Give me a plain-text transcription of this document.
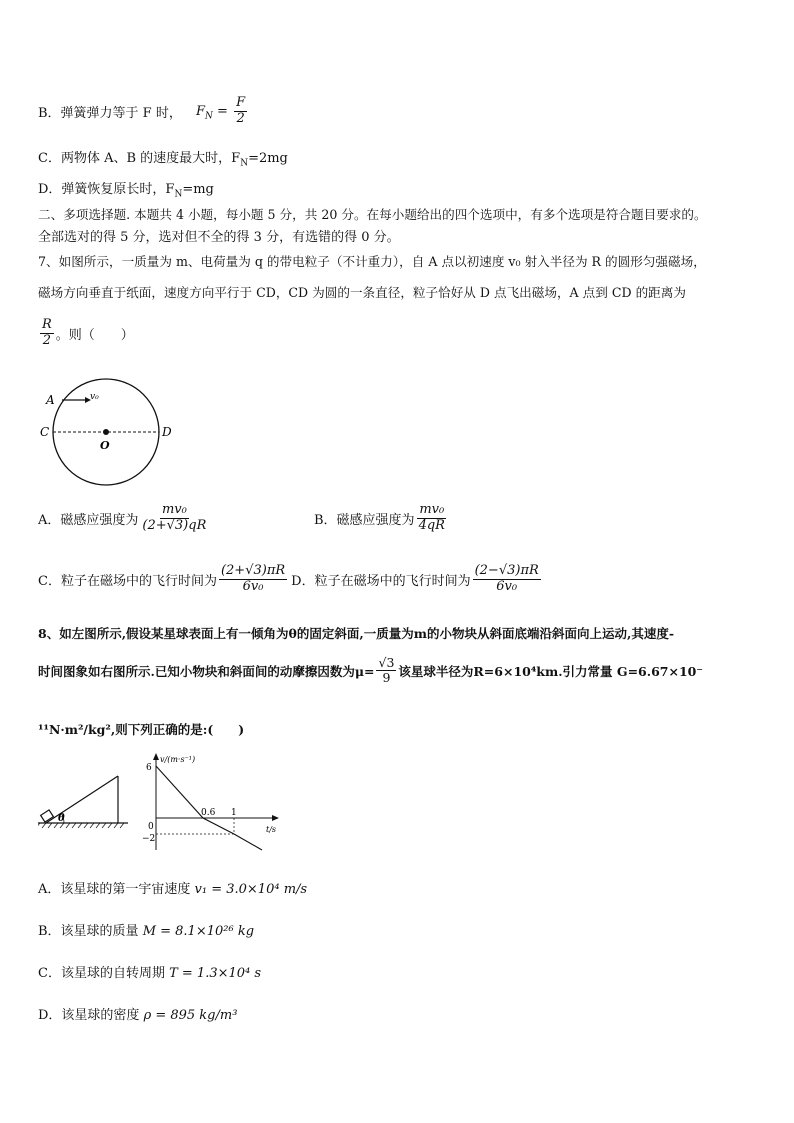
B．弹簧弹力等于 F 时， $F_N = \frac{F}{2}$
C．两物体 A、B 的速度最大时，$F_N=2mg$
D．弹簧恢复原长时，$F_N=mg$
二、多项选择题. 本题共 4 小题，每小题 5 分，共 20 分。在每小题给出的四个选项中，有多个选项是符合题目要求的。
全部选对的得 5 分，选对但不全的得 3 分，有选错的得 0 分。
7、如图所示，一质量为 m、电荷量为 q 的带电粒子（不计重力），自 A 点以初速度 v₀ 射入半径为 R 的圆形匀强磁场，
磁场方向垂直于纸面，速度方向平行于 CD，CD 为圆的一条直径，粒子恰好从 D 点飞出磁场，A 点到 CD 的距离为
$\frac{R}{2}$ 。则（　　）
A	v₀
C	D
O
A．磁感应强度为 $\frac{\text{mv₀}}{(2+√3)qR}$	B．磁感应强度为 $\frac{\text{mv₀}}{4qR}$
C．粒子在磁场中的飞行时间为 $\frac{(2+√3)\pi R}{\text{6v₀}}$ D．粒子在磁场中的飞行时间为 $\frac{(2-√3)\pi R}{\text{6v₀}}$
8、如左图所示,假设某星球表面上有一倾角为θ的固定斜面,一质量为m的小物块从斜面底端沿斜面向上运动,其速度-
时间图象如右图所示.已知小物块和斜面间的动摩擦因数为$\mu= \frac{√3}{9}$ 该星球半径为R=6×10⁴km.引力常量 G=6.67×10⁻
¹¹N·m²/kg²,则下列正确的是:(　　)
θ
v/(m·s⁻¹)
t/s
6
0
−2
0.6 1
A．该星球的第一宇宙速度 v₁ = 3.0×10⁴ m/s
B．该星球的质量 M = 8.1×10²⁶ kg
C．该星球的自转周期 T = 1.3×10⁴ s
D．该星球的密度 ρ = 895 kg/m³
